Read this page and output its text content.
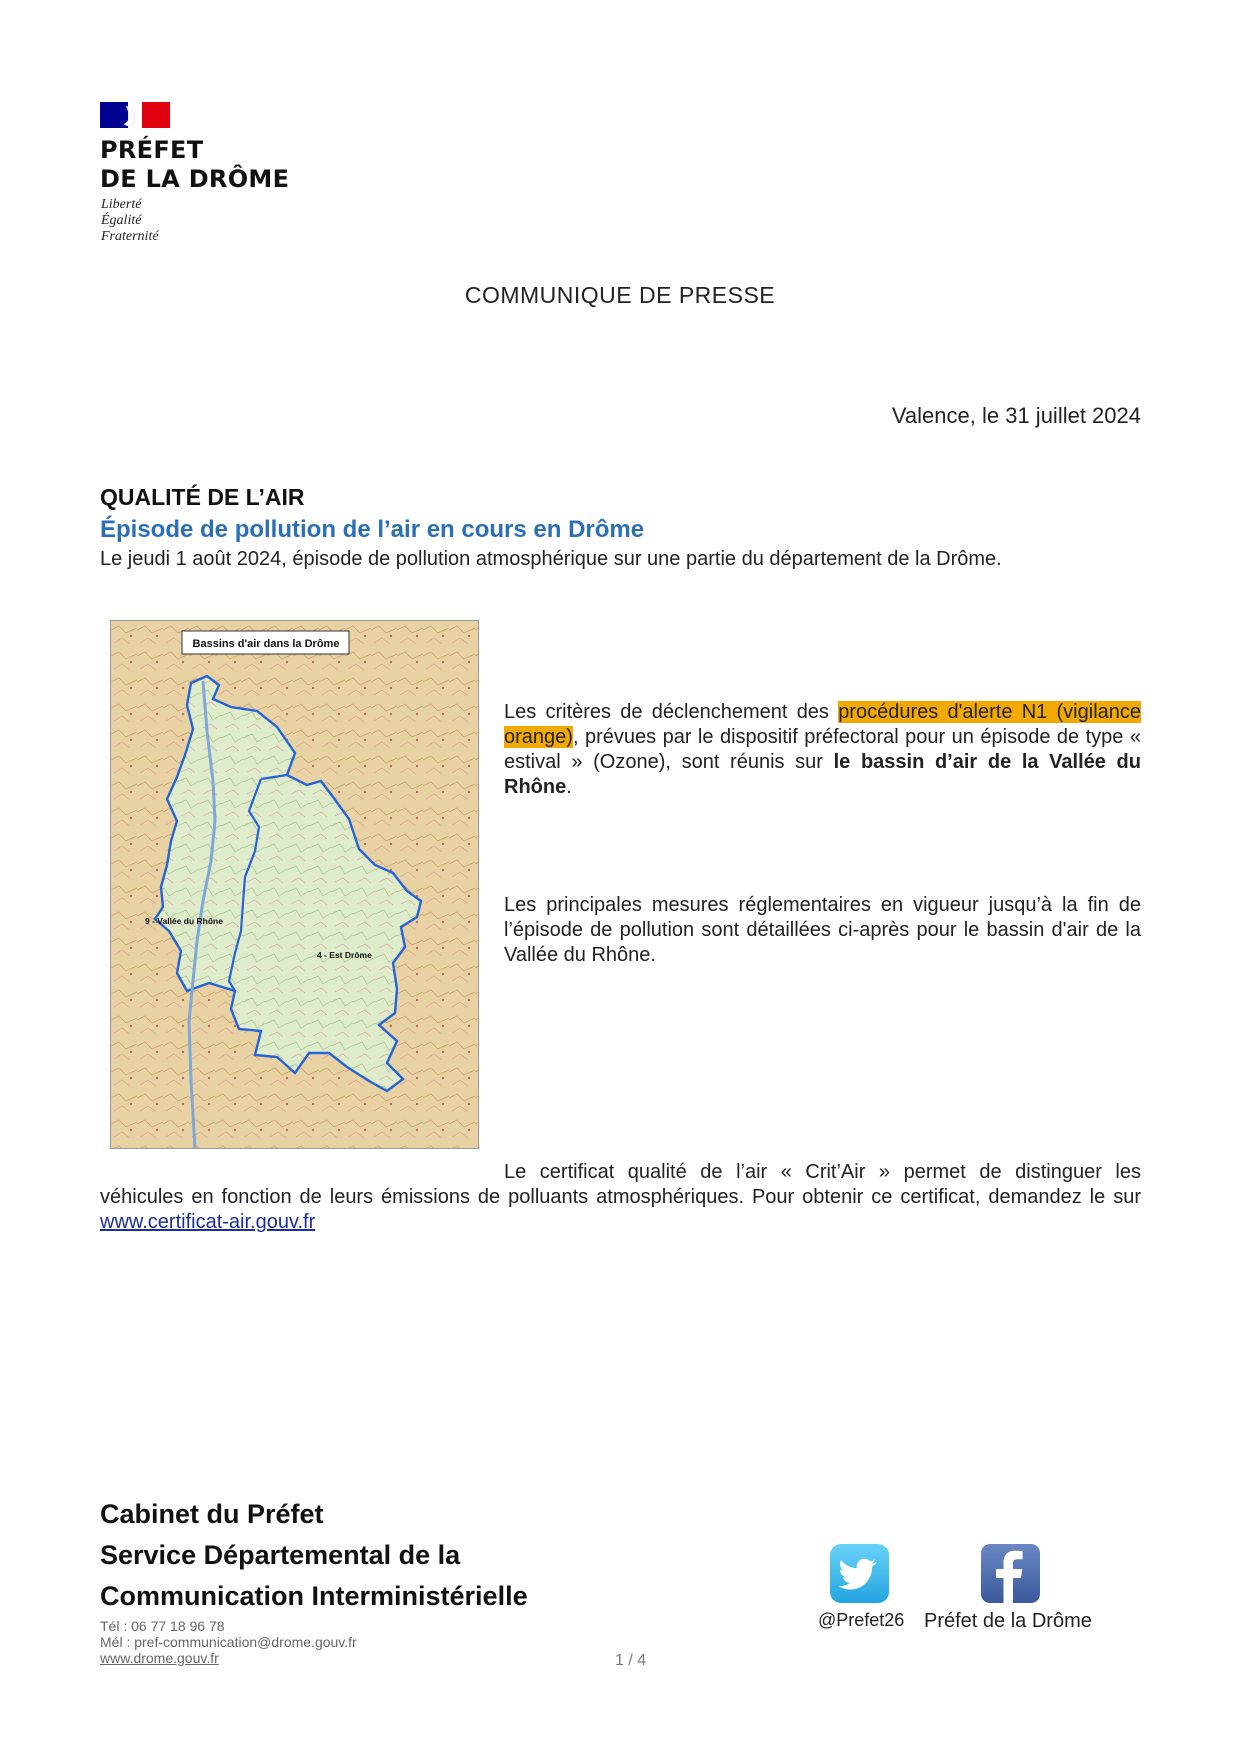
PRÉFET
DE LA DRÔME
Liberté
Égalité
Fraternité
COMMUNIQUE DE PRESSE
Valence, le 31 juillet 2024
QUALITÉ DE L’AIR
Épisode de pollution de l’air en cours en Drôme
Le jeudi 1 août 2024, épisode de pollution atmosphérique sur une partie du département de la Drôme.
Bassins d'air dans la Drôme
9 - Vallée du Rhône
4 - Est Drôme
Les critères de déclenchement des procédures d'alerte N1 (vigilance orange), prévues par le dispositif préfectoral pour un épisode de type « estival » (Ozone), sont réunis sur le bassin d’air de la Vallée du Rhône.
Les principales mesures réglementaires en vigueur jusqu’à la fin de l’épisode de pollution sont détaillées ci-après pour le bassin d'air de la Vallée du Rhône.
Le certificat qualité de l’air « Crit’Air » permet de distinguer les véhicules en fonction de leurs émissions de polluants atmosphériques. Pour obtenir ce certificat, demandez le sur www.certificat-air.gouv.fr
Cabinet du Préfet
Service Départemental de la
Communication Interministérielle
Tél : 06 77 18 96 78
Mél : pref-communication@drome.gouv.fr
www.drome.gouv.fr	1 / 4
@Prefet26 Préfet de la Drôme
